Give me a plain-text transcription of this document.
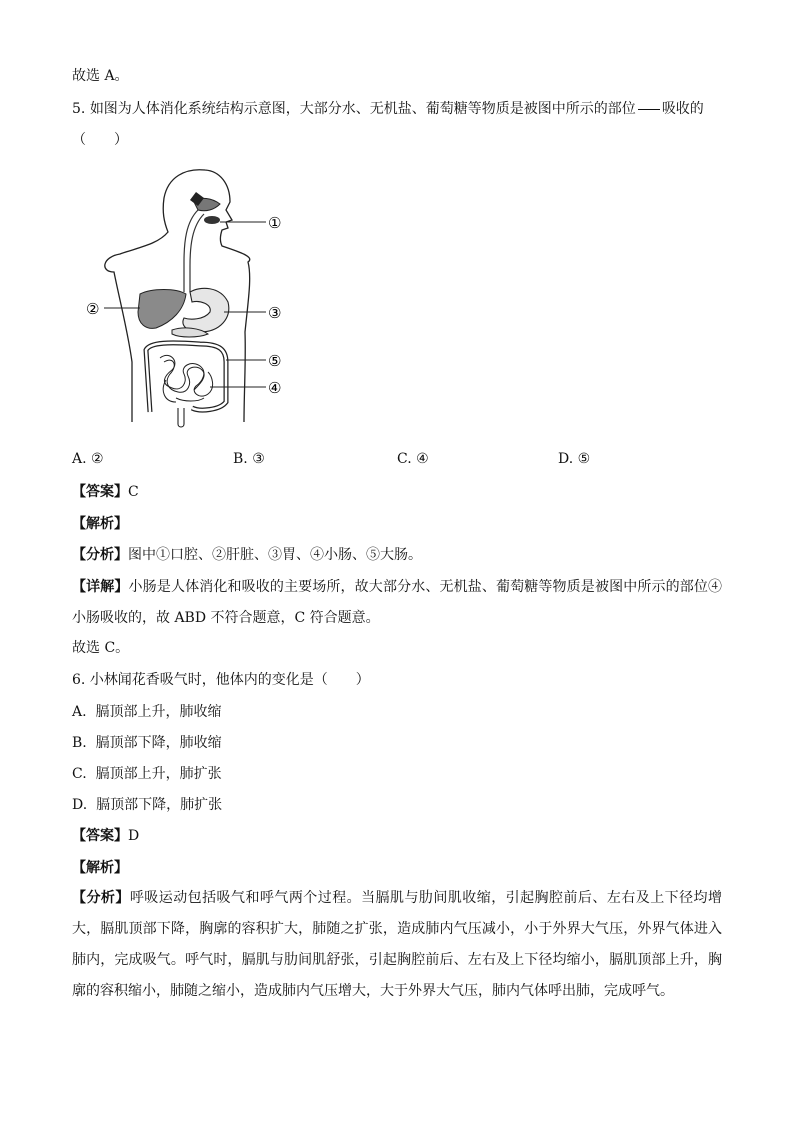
故选 A。
5. 如图为人体消化系统结构示意图，大部分水、无机盐、葡萄糖等物质是被图中所示的部位 吸收的
（　　）
①
②	③
⑤
④
A. ②	B. ③	C. ④	D. ⑤
【答案】C
【解析】
【分析】图中①口腔、②肝脏、③胃、④小肠、⑤大肠。
【详解】小肠是人体消化和吸收的主要场所，故大部分水、无机盐、葡萄糖等物质是被图中所示的部位④小肠吸收的，故 ABD 不符合题意，C 符合题意。
故选 C。
6. 小林闻花香吸气时，他体内的变化是（　　）
A. 膈顶部上升，肺收缩
B. 膈顶部下降，肺收缩
C. 膈顶部上升，肺扩张
D. 膈顶部下降，肺扩张
【答案】D
【解析】
【分析】呼吸运动包括吸气和呼气两个过程。当膈肌与肋间肌收缩，引起胸腔前后、左右及上下径均增大，膈肌顶部下降，胸廓的容积扩大，肺随之扩张，造成肺内气压减小，小于外界大气压，外界气体进入肺内，完成吸气。呼气时，膈肌与肋间肌舒张，引起胸腔前后、左右及上下径均缩小，膈肌顶部上升，胸廓的容积缩小，肺随之缩小，造成肺内气压增大，大于外界大气压，肺内气体呼出肺，完成呼气。
